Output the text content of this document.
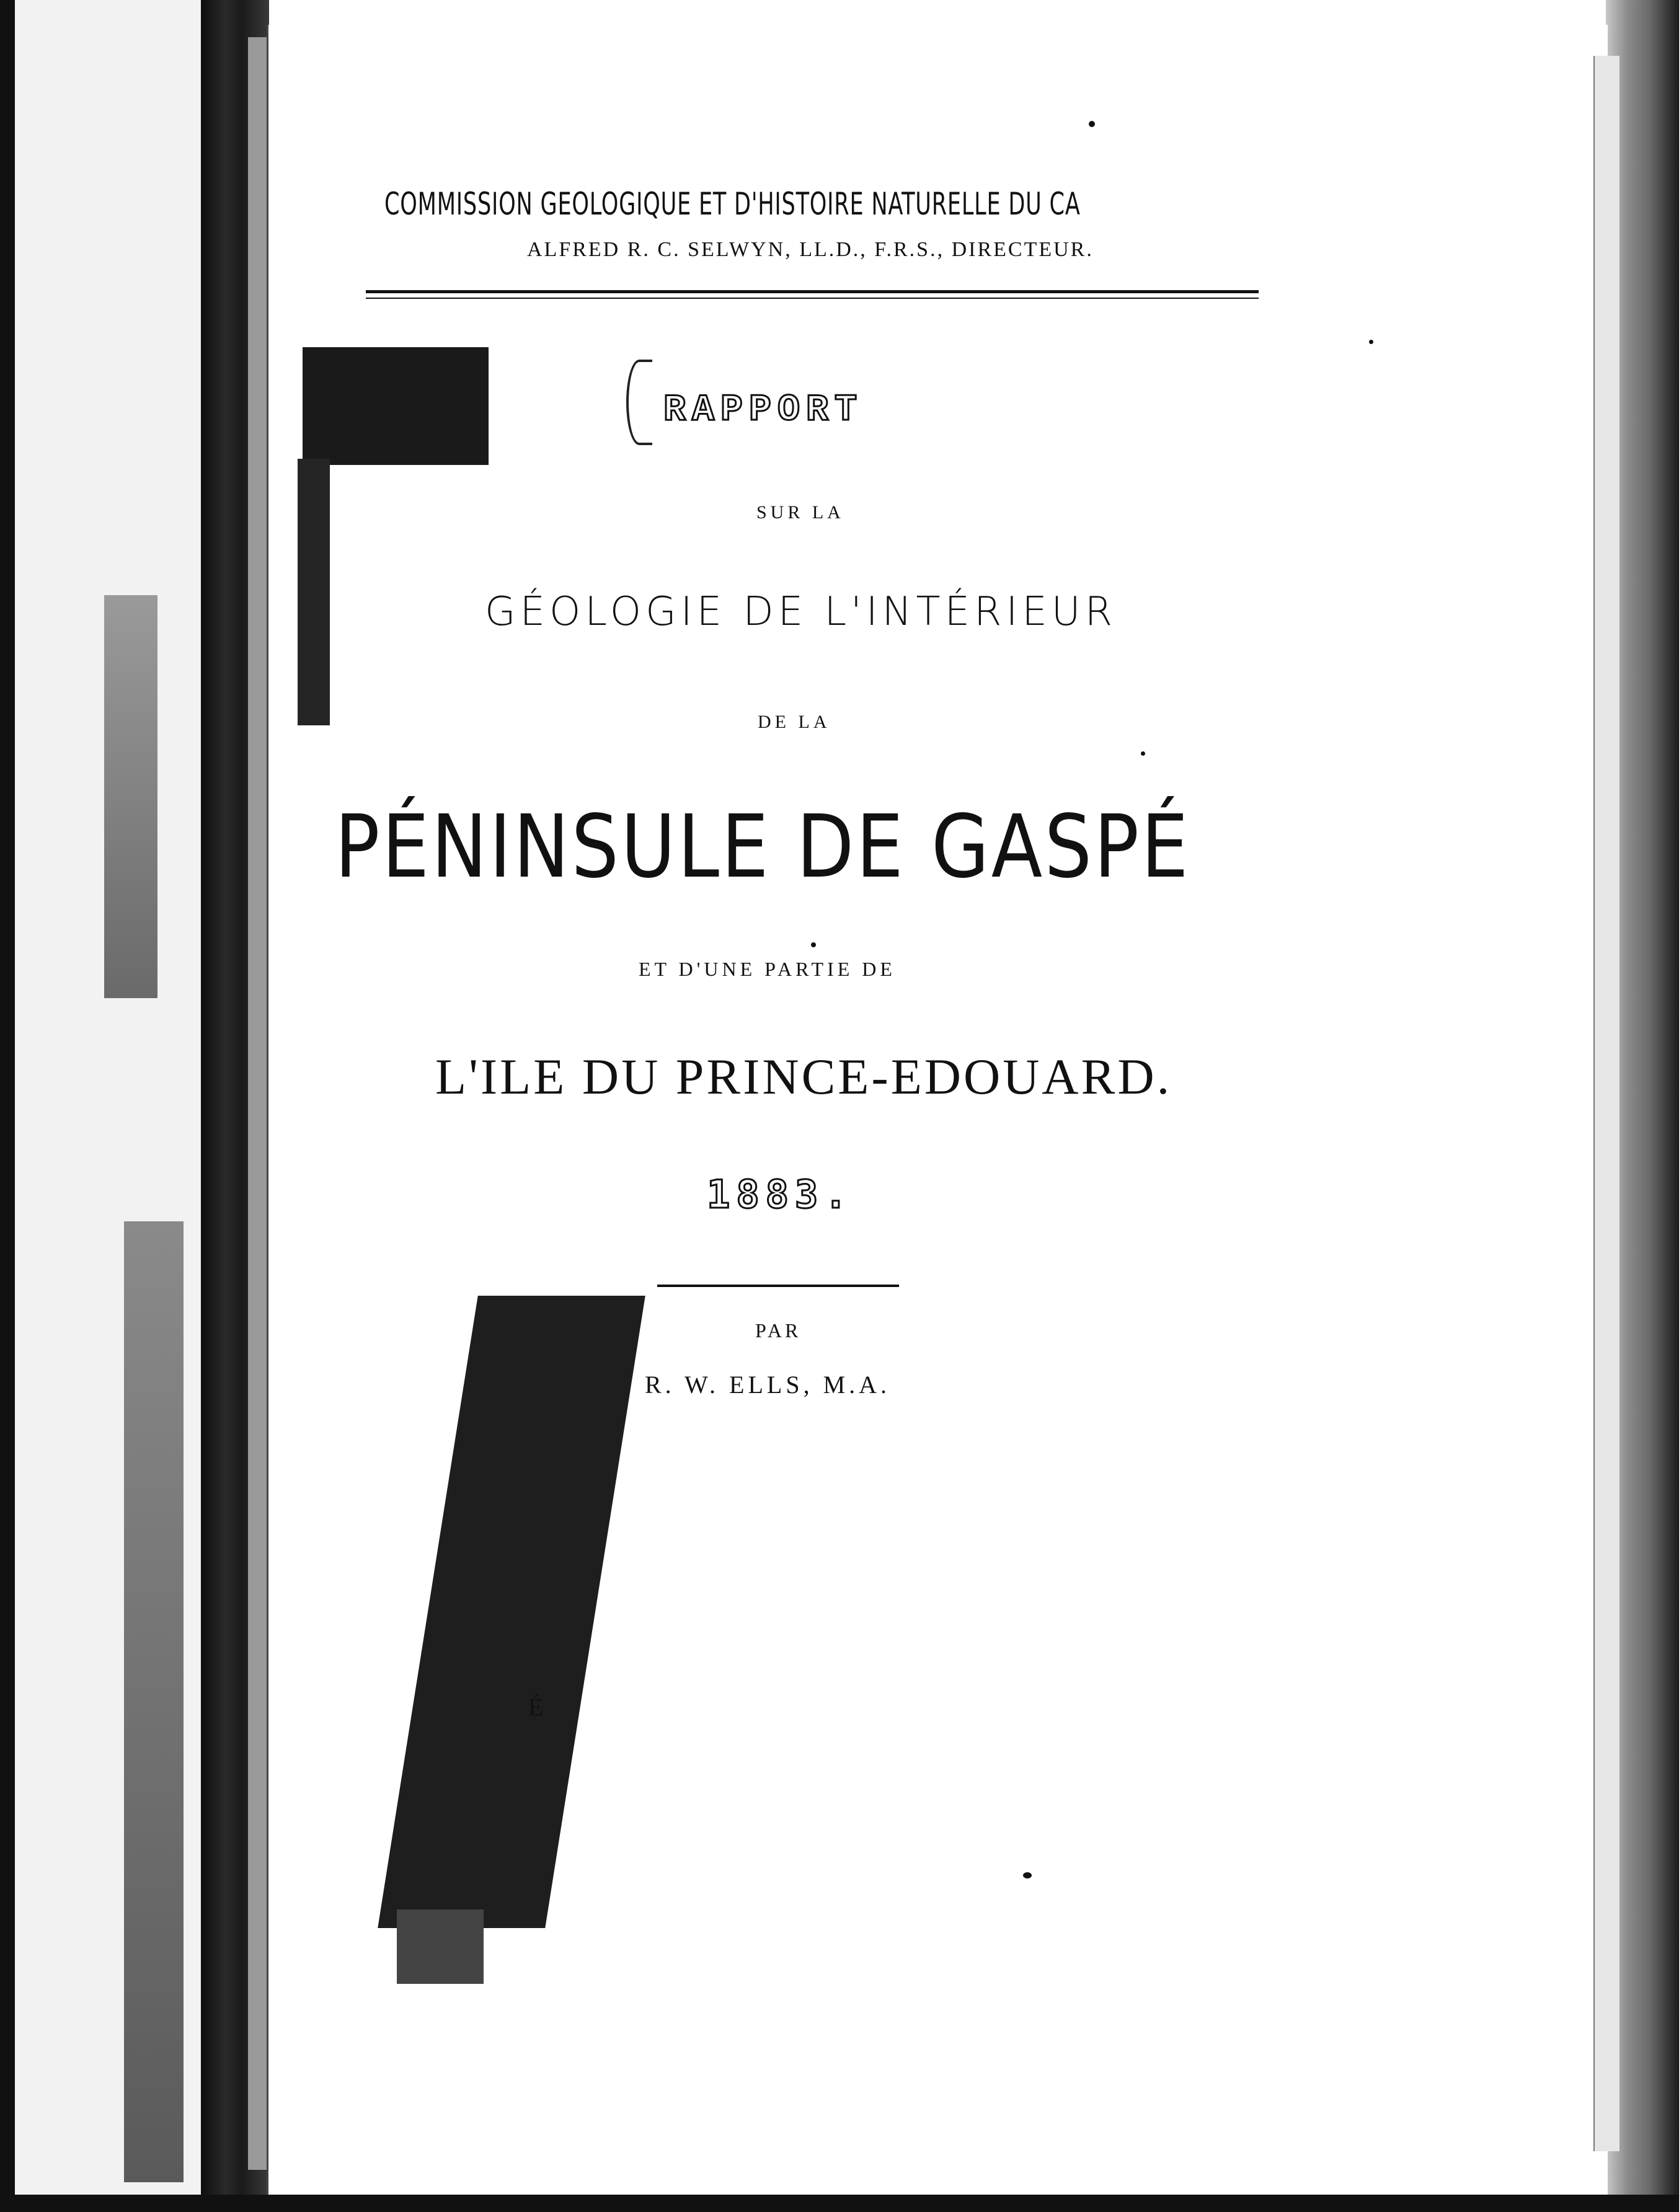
COMMISSION GEOLOGIQUE ET D'HISTOIRE NATURELLE DU CA
ALFRED R. C. SELWYN, LL.D., F.R.S., DIRECTEUR.
RAPPORT
SUR LA
GÉOLOGIE DE L'INTÉRIEUR
DE LA
PÉNINSULE DE GASPÉ
ET D'UNE PARTIE DE
L'ILE DU PRINCE-EDOUARD.
1883.
PAR
R. W. ELLS, M.A.
É
